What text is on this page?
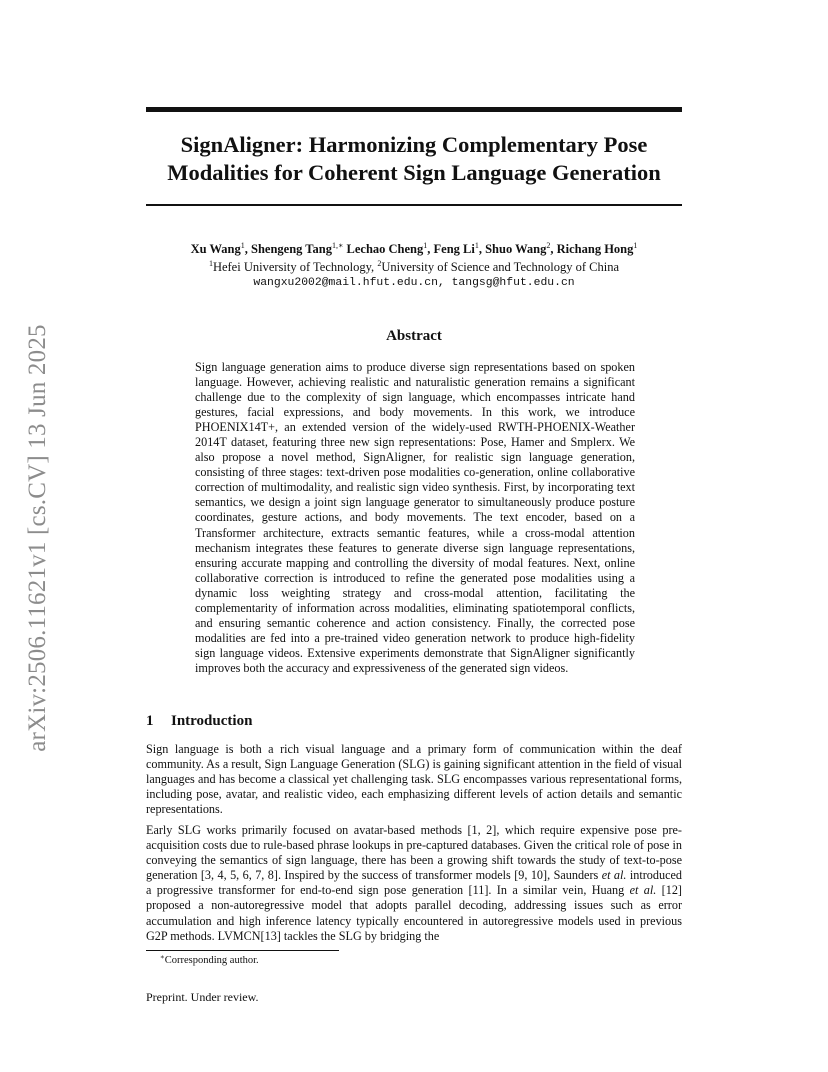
arXiv:2506.11621v1 [cs.CV] 13 Jun 2025
SignAligner: Harmonizing Complementary Pose
Modalities for Coherent Sign Language Generation
Xu Wang$^1$, Shengeng Tang$^{1,∗}$ Lechao Cheng$^1$, Feng Li$^1$, Shuo Wang$^2$, Richang Hong$^1$
$^1$Hefei University of Technology, $^2$University of Science and Technology of China
wangxu2002@mail.hfut.edu.cn, tangsg@hfut.edu.cn
Abstract
Sign language generation aims to produce diverse sign representations based on spoken language. However, achieving realistic and naturalistic generation remains a significant challenge due to the complexity of sign language, which encompasses intricate hand gestures, facial expressions, and body movements. In this work, we introduce PHOENIX14T+, an extended version of the widely-used RWTH-PHOENIX-Weather 2014T dataset, featuring three new sign representations: Pose, Hamer and Smplerx. We also propose a novel method, SignAligner, for realistic sign language generation, consisting of three stages: text-driven pose modalities co-generation, online collaborative correction of multimodality, and realistic sign video synthesis. First, by incorporating text semantics, we design a joint sign language generator to simultaneously produce posture coordinates, gesture actions, and body movements. The text encoder, based on a Transformer architecture, extracts semantic features, while a cross-modal attention mechanism integrates these features to generate diverse sign language representations, ensuring accurate mapping and controlling the diversity of modal features. Next, online collaborative correction is introduced to refine the generated pose modalities using a dynamic loss weighting strategy and cross-modal attention, facilitating the complementarity of information across modalities, eliminating spatiotemporal conflicts, and ensuring semantic coherence and action consistency. Finally, the corrected pose modalities are fed into a pre-trained video generation network to produce high-fidelity sign language videos. Extensive experiments demonstrate that SignAligner significantly improves both the accuracy and expressiveness of the generated sign videos.
1 Introduction

Sign language is both a rich visual language and a primary form of communication within the deaf community. As a result, Sign Language Generation (SLG) is gaining significant attention in the field of visual languages and has become a classical yet challenging task. SLG encompasses various representational forms, including pose, avatar, and realistic video, each emphasizing different levels of action details and semantic representations.

Early SLG works primarily focused on avatar-based methods [1, 2], which require expensive pose pre-acquisition costs due to rule-based phrase lookups in pre-captured databases. Given the critical role of pose in conveying the semantics of sign language, there has been a growing shift towards the study of text-to-pose generation [3, 4, 5, 6, 7, 8]. Inspired by the success of transformer models [9, 10], Saunders et al. introduced a progressive transformer for end-to-end sign pose generation [11]. In a similar vein, Huang et al. [12] proposed a non-autoregressive model that adopts parallel decoding, addressing issues such as error accumulation and high inference latency typically encountered in autoregressive models used in previous G2P methods. LVMCN[13] tackles the SLG by bridging the

∗Corresponding author.
Preprint. Under review.
